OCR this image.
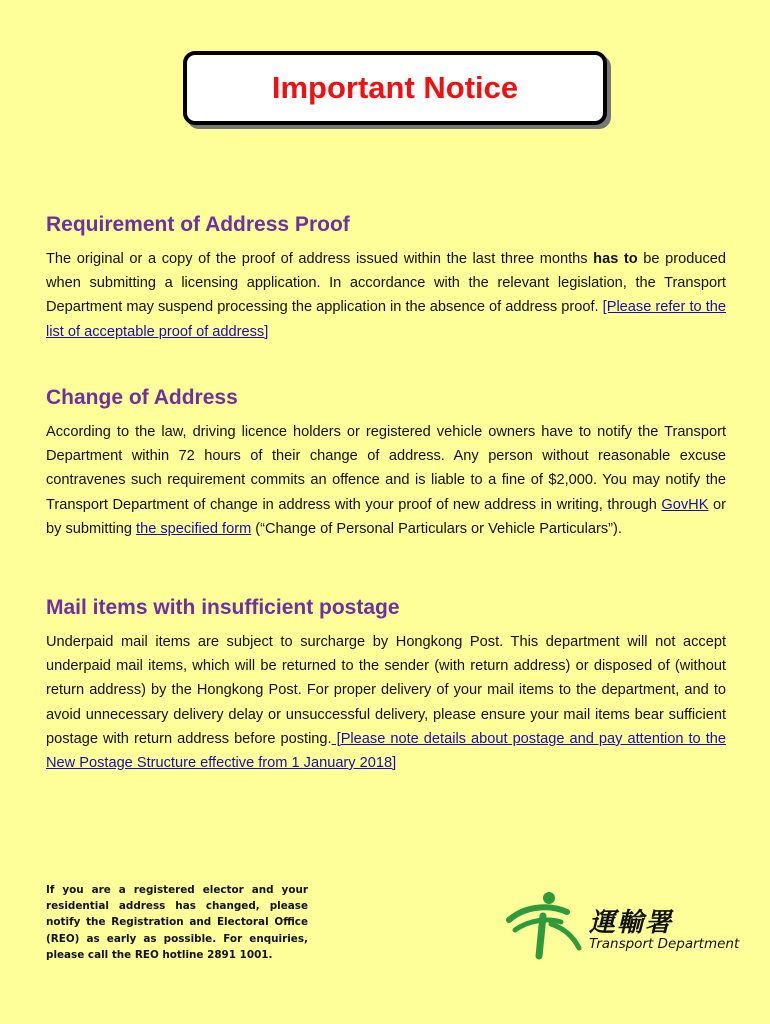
Important Notice
Requirement of Address Proof

The original or a copy of the proof of address issued within the last three months has to be produced when submitting a licensing application. In accordance with the relevant legislation, the Transport Department may suspend processing the application in the absence of address proof. [Please refer to the list of acceptable proof of address]

Change of Address

According to the law, driving licence holders or registered vehicle owners have to notify the Transport Department within 72 hours of their change of address. Any person without reasonable excuse contravenes such requirement commits an offence and is liable to a fine of $2,000. You may notify the Transport Department of change in address with your proof of new address in writing, through GovHK or by submitting the specified form (“Change of Personal Particulars or Vehicle Particulars”).

Mail items with insufficient postage

Underpaid mail items are subject to surcharge by Hongkong Post. This department will not accept underpaid mail items, which will be returned to the sender (with return address) or disposed of (without return address) by the Hongkong Post. For proper delivery of your mail items to the department, and to avoid unnecessary delivery delay or unsuccessful delivery, please ensure your mail items bear sufficient postage with return address before posting. [Please note details about postage and pay attention to the New Postage Structure effective from 1 January 2018]

If you are a registered elector and your residential address has changed, please notify the Registration and Electoral Office (REO) as early as possible. For enquiries, please call the REO hotline 2891 1001.
運輸署
Transport Department
